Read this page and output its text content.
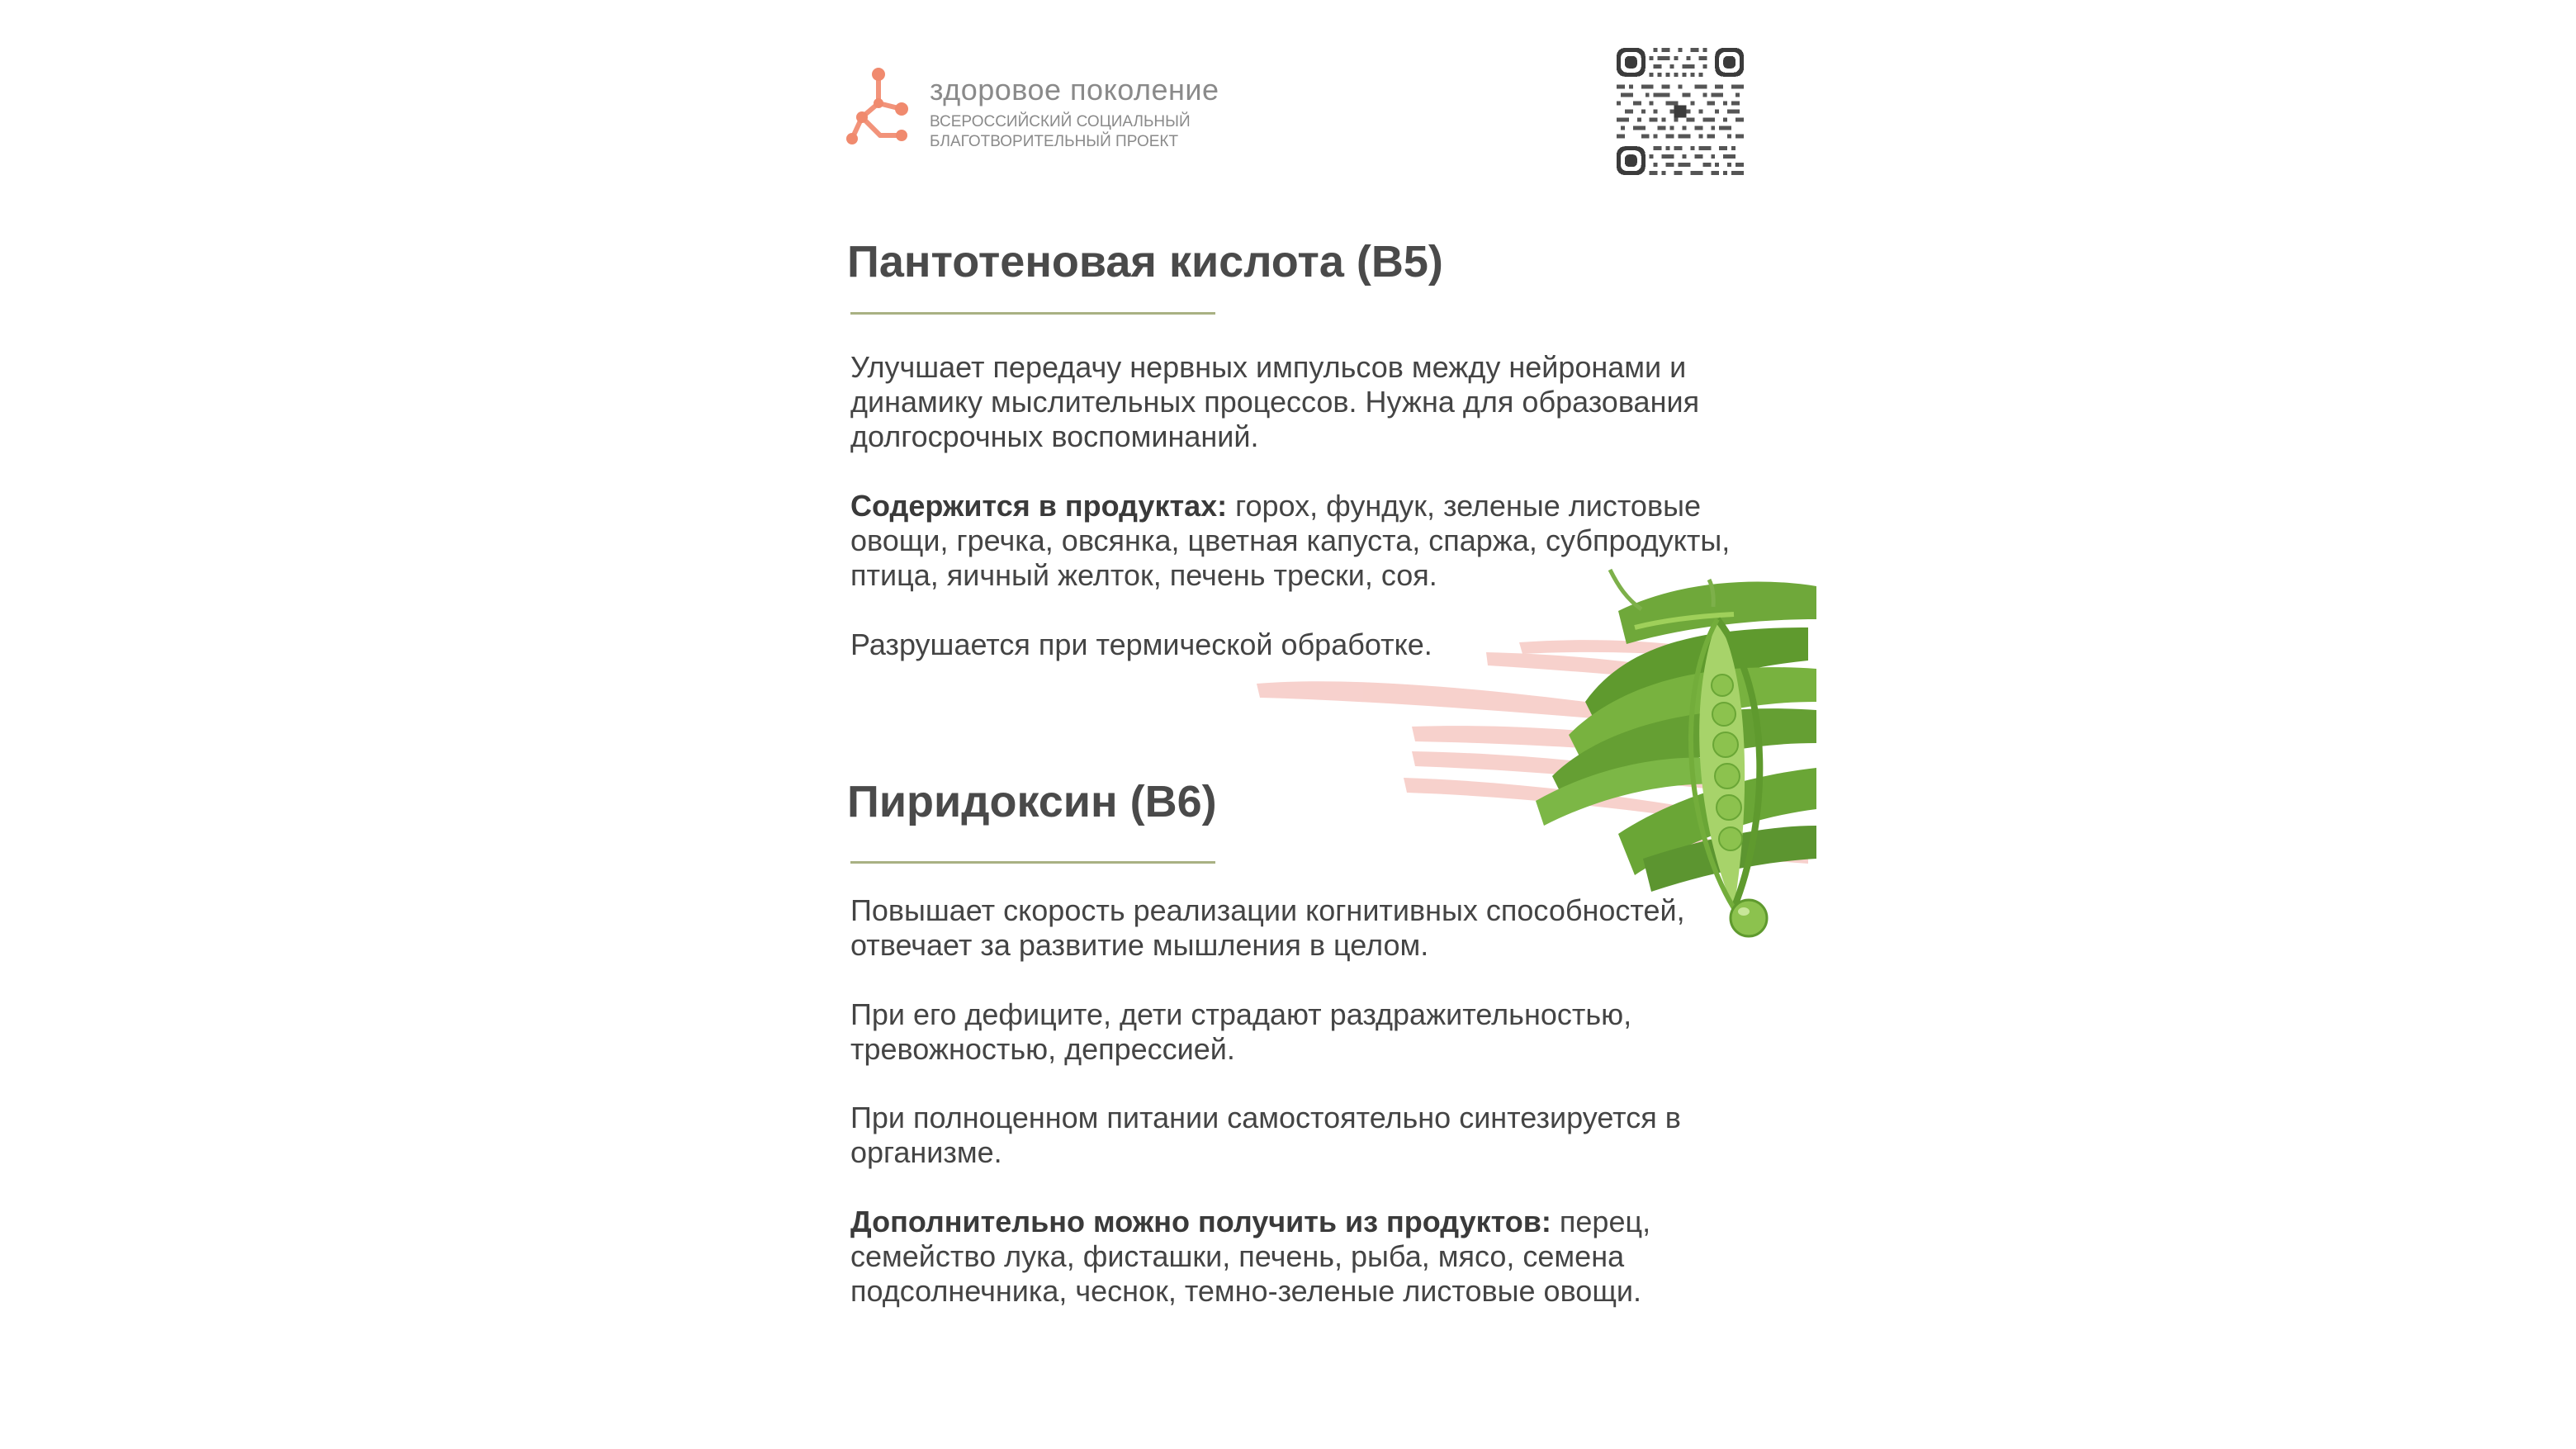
здоровое поколение
ВСЕРОССИЙСКИЙ СОЦИАЛЬНЫЙ
БЛАГОТВОРИТЕЛЬНЫЙ ПРОЕКТ
Пантотеновая кислота (B5)
Улучшает передачу нервных импульсов между нейронами и динамику мыслительных процессов. Нужна для образования долгосрочных воспоминаний.
Содержится в продуктах: горох, фундук, зеленые листовые овощи, гречка, овсянка, цветная капуста, спаржа, субпродукты, птица, яичный желток, печень трески, соя.
Разрушается при термической обработке.
Пиридоксин (B6)
Повышает скорость реализации когнитивных способностей, отвечает за развитие мышления в целом.
При его дефиците, дети страдают раздражительностью, тревожностью, депрессией.
При полноценном питании самостоятельно синтезируется в организме.
Дополнительно можно получить из продуктов: перец, семейство лука, фисташки, печень, рыба, мясо, семена подсолнечника, чеснок, темно-зеленые листовые овощи.
